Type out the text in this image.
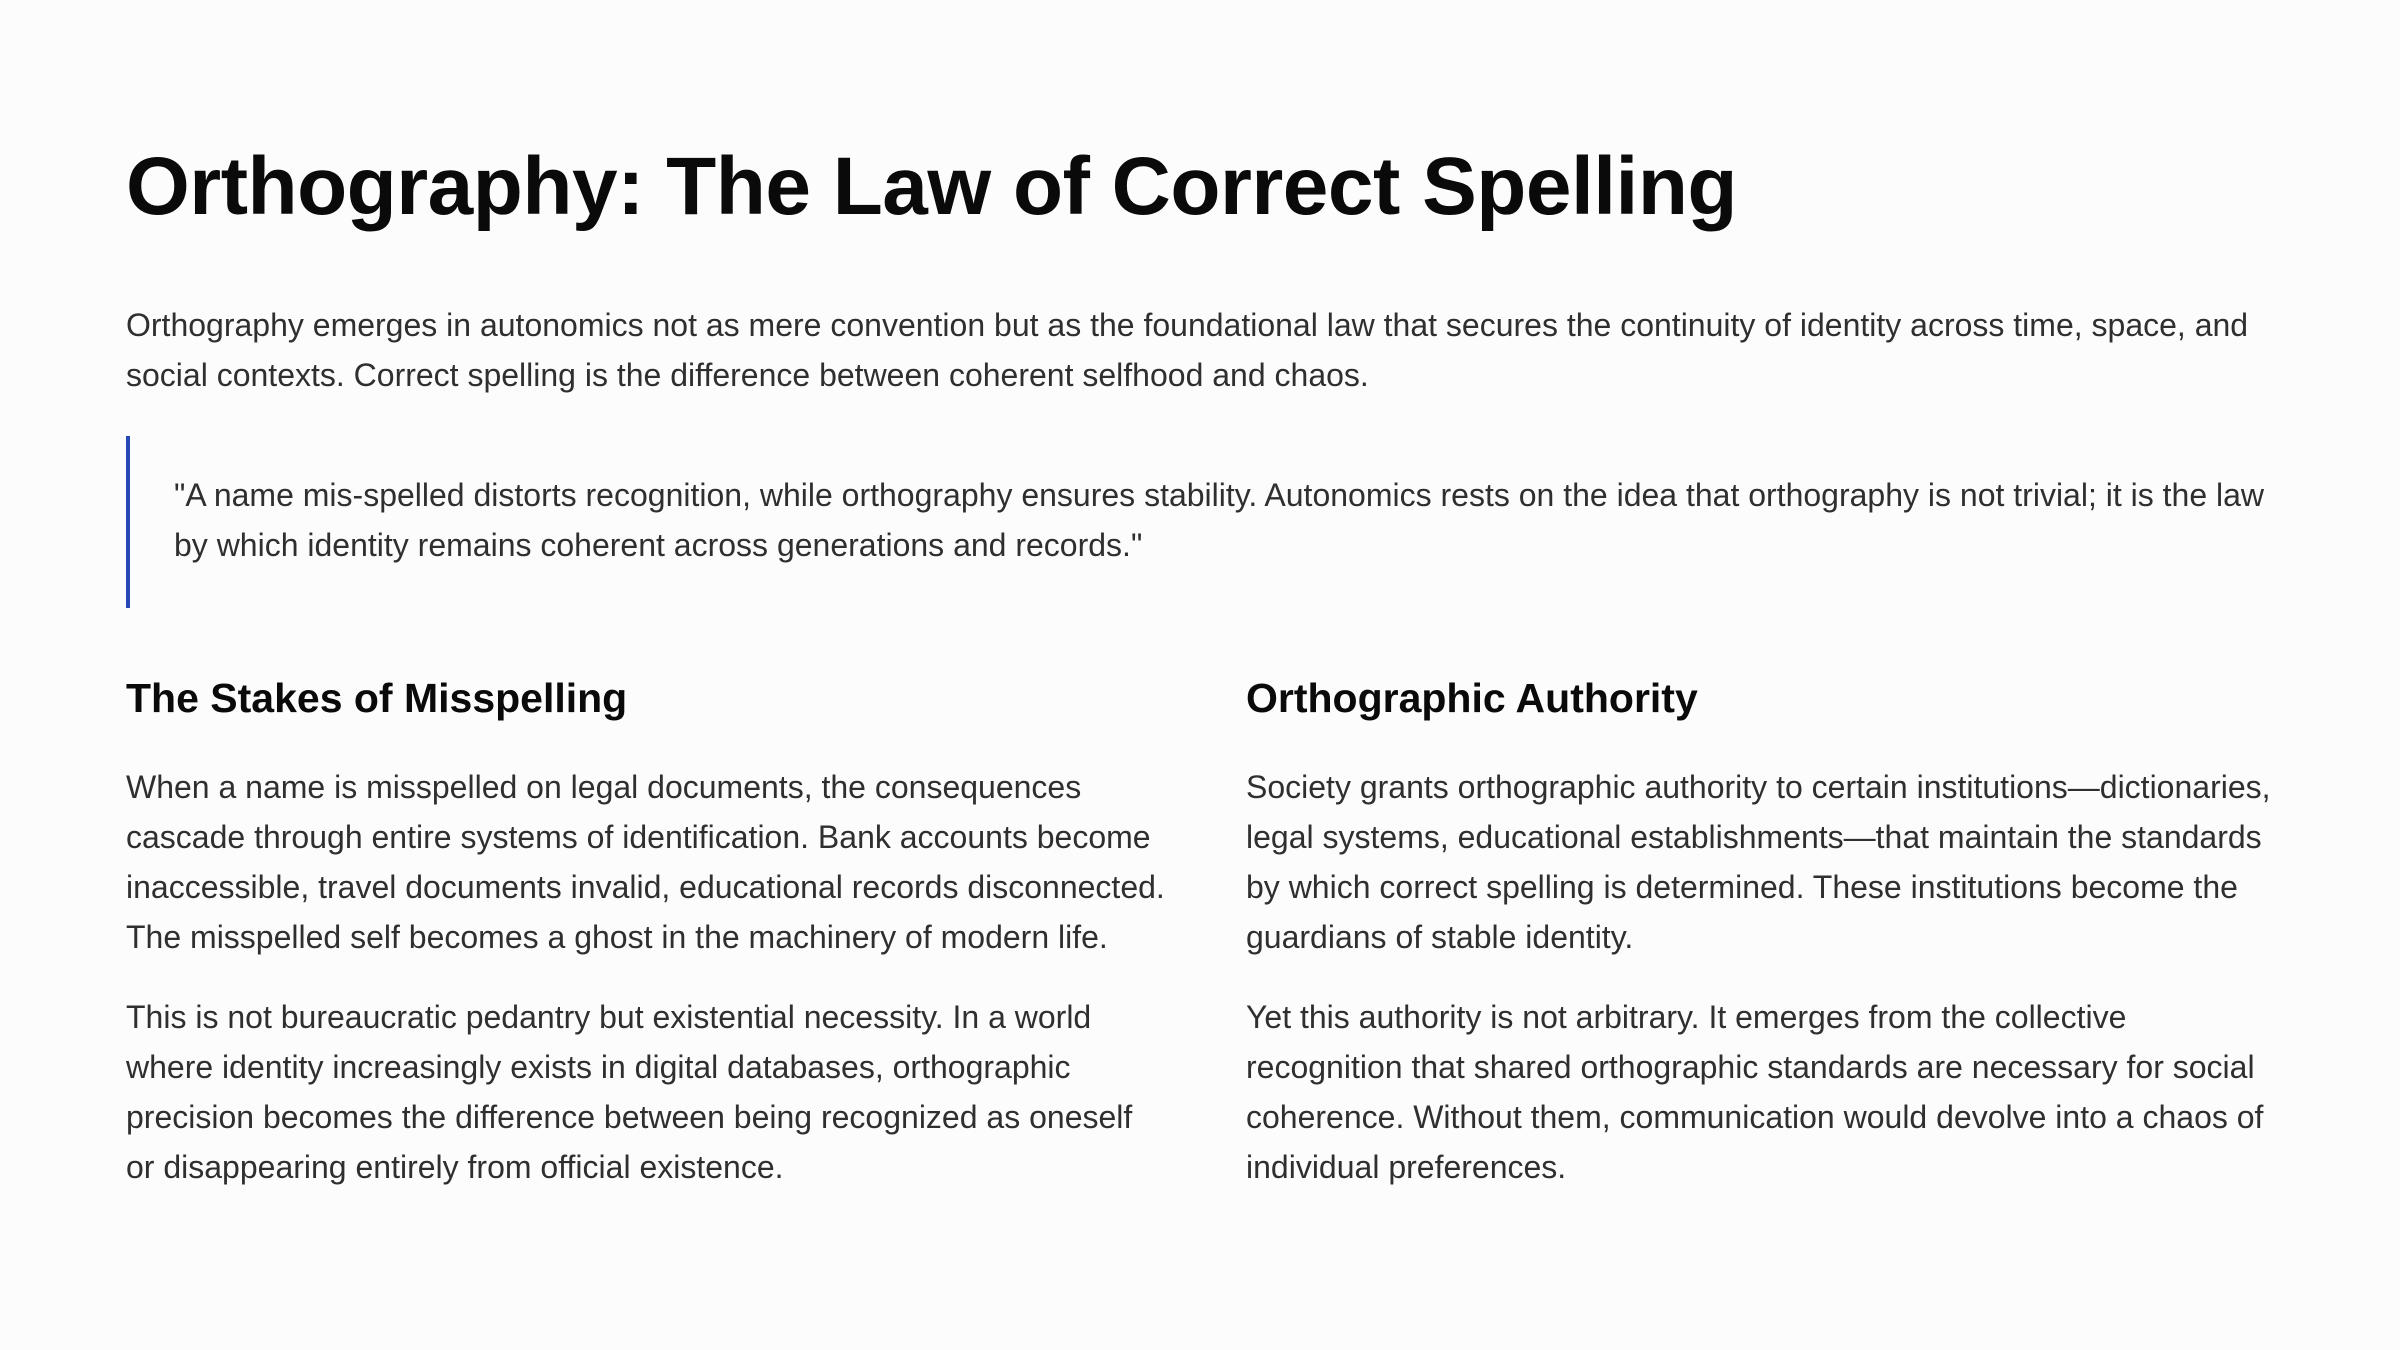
Orthography: The Law of Correct Spelling

Orthography emerges in autonomics not as mere convention but as the foundational law that secures the continuity of identity across time, space, and social contexts. Correct spelling is the difference between coherent selfhood and chaos.

"A name mis-spelled distorts recognition, while orthography ensures stability. Autonomics rests on the idea that orthography is not trivial; it is the law by which identity remains coherent across generations and records."
The Stakes of Misspelling

When a name is misspelled on legal documents, the consequences cascade through entire systems of identification. Bank accounts become inaccessible, travel documents invalid, educational records disconnected. The misspelled self becomes a ghost in the machinery of modern life.

This is not bureaucratic pedantry but existential necessity. In a world where identity increasingly exists in digital databases, orthographic precision becomes the difference between being recognized as oneself or disappearing entirely from official existence.

Orthographic Authority

Society grants orthographic authority to certain institutions—dictionaries, legal systems, educational establishments—that maintain the standards by which correct spelling is determined. These institutions become the guardians of stable identity.

Yet this authority is not arbitrary. It emerges from the collective recognition that shared orthographic standards are necessary for social coherence. Without them, communication would devolve into a chaos of individual preferences.
